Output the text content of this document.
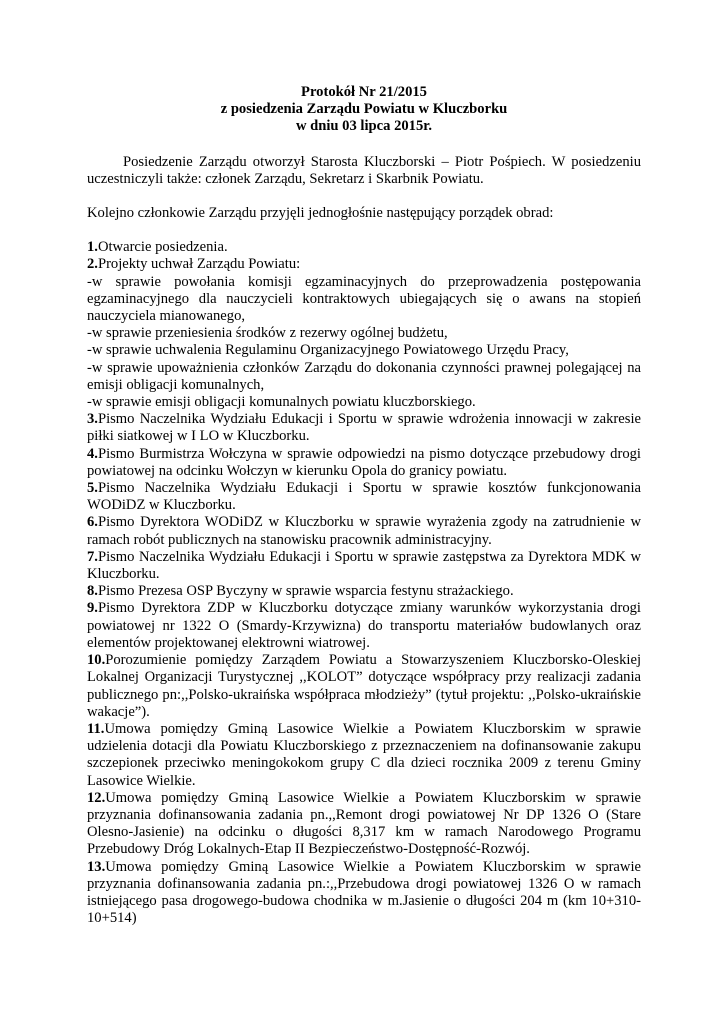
Protokół Nr 21/2015
z posiedzenia Zarządu Powiatu w Kluczborku
w dniu 03 lipca 2015r.

Posiedzenie Zarządu otworzył Starosta Kluczborski – Piotr Pośpiech. W posiedzeniu uczestniczyli także: członek Zarządu, Sekretarz i Skarbnik Powiatu.

Kolejno członkowie Zarządu przyjęli jednogłośnie następujący porządek obrad:

1.Otwarcie posiedzenia.

2.Projekty uchwał Zarządu Powiatu:

-w sprawie powołania komisji egzaminacyjnych do przeprowadzenia postępowania egzaminacyjnego dla nauczycieli kontraktowych ubiegających się o awans na stopień nauczyciela mianowanego,

-w sprawie przeniesienia środków z rezerwy ogólnej budżetu,

-w sprawie uchwalenia Regulaminu Organizacyjnego Powiatowego Urzędu Pracy,

-w sprawie upoważnienia członków Zarządu do dokonania czynności prawnej polegającej na emisji obligacji komunalnych,

-w sprawie emisji obligacji komunalnych powiatu kluczborskiego.

3.Pismo Naczelnika Wydziału Edukacji i Sportu w sprawie wdrożenia innowacji w zakresie piłki siatkowej w I LO w Kluczborku.

4.Pismo Burmistrza Wołczyna w sprawie odpowiedzi na pismo dotyczące przebudowy drogi powiatowej na odcinku Wołczyn w kierunku Opola do granicy powiatu.

5.Pismo Naczelnika Wydziału Edukacji i Sportu w sprawie kosztów funkcjonowania WODiDZ w Kluczborku.

6.Pismo Dyrektora WODiDZ w Kluczborku w sprawie wyrażenia zgody na zatrudnienie w ramach robót publicznych na stanowisku pracownik administracyjny.

7.Pismo Naczelnika Wydziału Edukacji i Sportu w sprawie zastępstwa za Dyrektora MDK w Kluczborku.

8.Pismo Prezesa OSP Byczyny w sprawie wsparcia festynu strażackiego.

9.Pismo Dyrektora ZDP w Kluczborku dotyczące zmiany warunków wykorzystania drogi powiatowej nr 1322 O (Smardy-Krzywizna) do transportu materiałów budowlanych oraz elementów projektowanej elektrowni wiatrowej.

10.Porozumienie pomiędzy Zarządem Powiatu a Stowarzyszeniem Kluczborsko-Oleskiej Lokalnej Organizacji Turystycznej ,,KOLOT” dotyczące współpracy przy realizacji zadania publicznego pn:,,Polsko-ukraińska współpraca młodzieży” (tytuł projektu: ,,Polsko-ukraińskie wakacje”).

11.Umowa pomiędzy Gminą Lasowice Wielkie a Powiatem Kluczborskim w sprawie udzielenia dotacji dla Powiatu Kluczborskiego z przeznaczeniem na dofinansowanie zakupu szczepionek przeciwko meningokokom grupy C dla dzieci rocznika 2009 z terenu Gminy Lasowice Wielkie.

12.Umowa pomiędzy Gminą Lasowice Wielkie a Powiatem Kluczborskim w sprawie przyznania dofinansowania zadania pn.,,Remont drogi powiatowej Nr DP 1326 O (Stare Olesno-Jasienie) na odcinku o długości 8,317 km w ramach Narodowego Programu Przebudowy Dróg Lokalnych-Etap II Bezpieczeństwo-Dostępność-Rozwój.

13.Umowa pomiędzy Gminą Lasowice Wielkie a Powiatem Kluczborskim w sprawie przyznania dofinansowania zadania pn.:,,Przebudowa drogi powiatowej 1326 O w ramach istniejącego pasa drogowego-budowa chodnika w m.Jasienie o długości 204 m (km 10+310-10+514)
